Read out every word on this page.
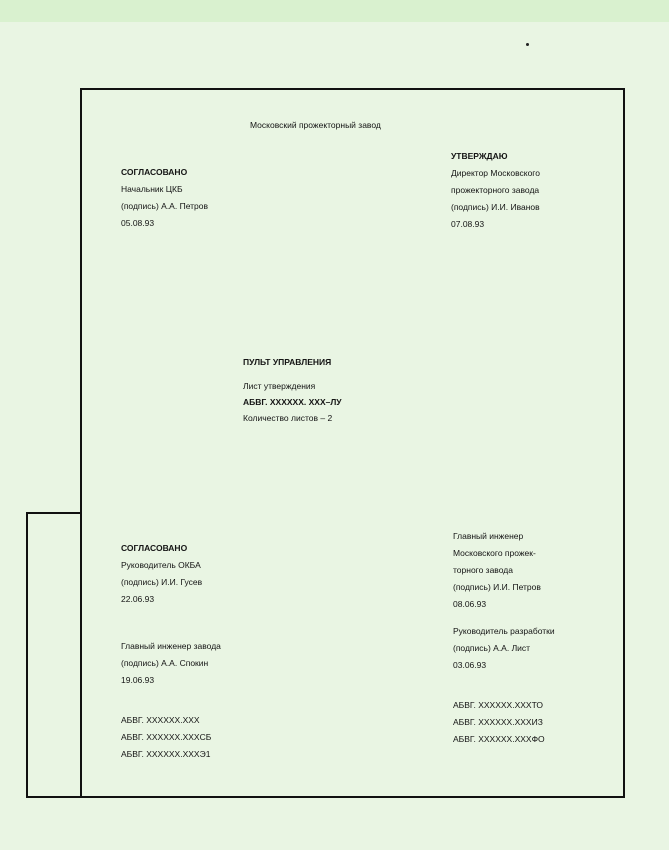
Московский прожекторный завод
СОГЛАСОВАНО
Начальник ЦКБ
(подпись) А.А. Петров
05.08.93
УТВЕРЖДАЮ
Директор Московского
прожекторного завода
(подпись) И.И. Иванов
07.08.93
ПУЛЬТ УПРАВЛЕНИЯ
Лист утверждения
АБВГ. XXXXXX. XXX–ЛУ
Количество листов – 2
СОГЛАСОВАНО
Руководитель ОКБА
(подпись) И.И. Гусев
22.06.93
Главный инженер завода
(подпись) А.А. Спокин
19.06.93
АБВГ. XXXXXX.XXX
АБВГ. XXXXXX.XXXСБ
АБВГ. XXXXXX.XXXЭ1
Главный инженер
Московского прожек-
торного завода
(подпись) И.И. Петров
08.06.93
Руководитель разработки
(подпись) А.А. Лист
03.06.93
АБВГ. XXXXXX.XXXТО
АБВГ. XXXXXX.XXXИЗ
АБВГ. XXXXXX.XXXФО
